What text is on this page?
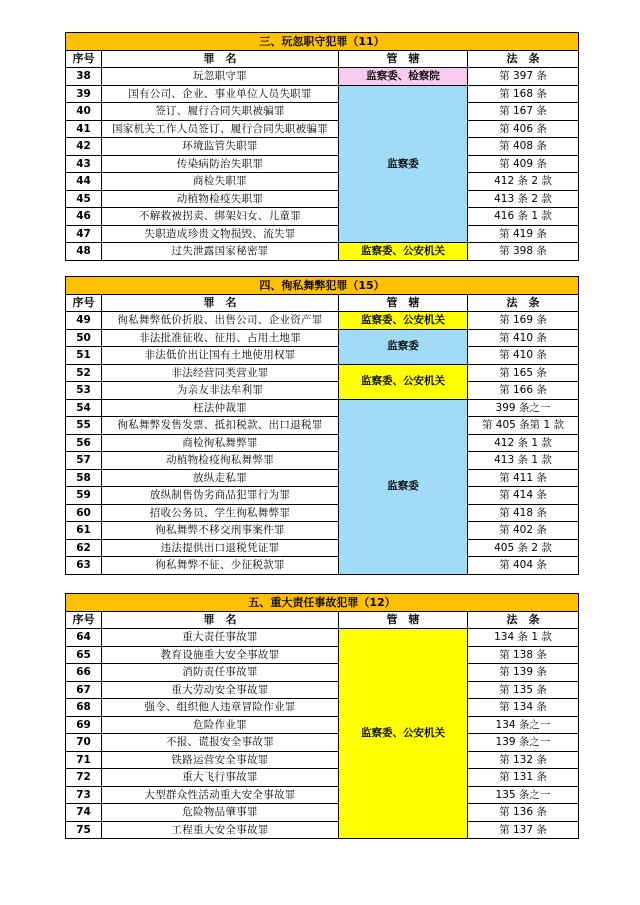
三、玩忽职守犯罪（11）			
序号	罪　名	管　辖	法　条
38	玩忽职守罪	监察委、检察院	第 397 条
39	国有公司、企业、事业单位人员失职罪	监察委	第 168 条
40	签订、履行合同失职被骗罪		第 167 条
41	国家机关工作人员签订、履行合同失职被骗罪		第 406 条
42	环境监管失职罪		第 408 条
43	传染病防治失职罪		第 409 条
44	商检失职罪		412 条 2 款
45	动植物检疫失职罪		413 条 2 款
46	不解救被拐卖、绑架妇女、儿童罪		416 条 1 款
47	失职造成珍贵文物损毁、流失罪		第 419 条
48	过失泄露国家秘密罪	监察委、公安机关	第 398 条
四、徇私舞弊犯罪（15）			
序号	罪　名	管　辖	法　条
49	徇私舞弊低价折股、出售公司、企业资产罪	监察委、公安机关	第 169 条
50	非法批准征收、征用、占用土地罪	监察委	第 410 条
51	非法低价出让国有土地使用权罪		第 410 条
52	非法经营同类营业罪	监察委、公安机关	第 165 条
53	为亲友非法牟利罪		第 166 条
54	枉法仲裁罪	监察委	399 条之一
55	徇私舞弊发售发票、抵扣税款、出口退税罪		第 405 条第 1 款
56	商检徇私舞弊罪		412 条 1 款
57	动植物检疫徇私舞弊罪		413 条 1 款
58	放纵走私罪		第 411 条
59	放纵制售伪劣商品犯罪行为罪		第 414 条
60	招收公务员、学生徇私舞弊罪		第 418 条
61	徇私舞弊不移交刑事案件罪		第 402 条
62	违法提供出口退税凭证罪		405 条 2 款
63	徇私舞弊不征、少征税款罪		第 404 条
五、重大责任事故犯罪（12）			
序号	罪　名	管　辖	法　条
64	重大责任事故罪	监察委、公安机关	134 条 1 款
65	教育设施重大安全事故罪		第 138 条
66	消防责任事故罪		第 139 条
67	重大劳动安全事故罪		第 135 条
68	强令、组织他人违章冒险作业罪		第 134 条
69	危险作业罪		134 条之一
70	不报、谎报安全事故罪		139 条之一
71	铁路运营安全事故罪		第 132 条
72	重大飞行事故罪		第 131 条
73	大型群众性活动重大安全事故罪		135 条之一
74	危险物品肇事罪		第 136 条
75	工程重大安全事故罪		第 137 条
